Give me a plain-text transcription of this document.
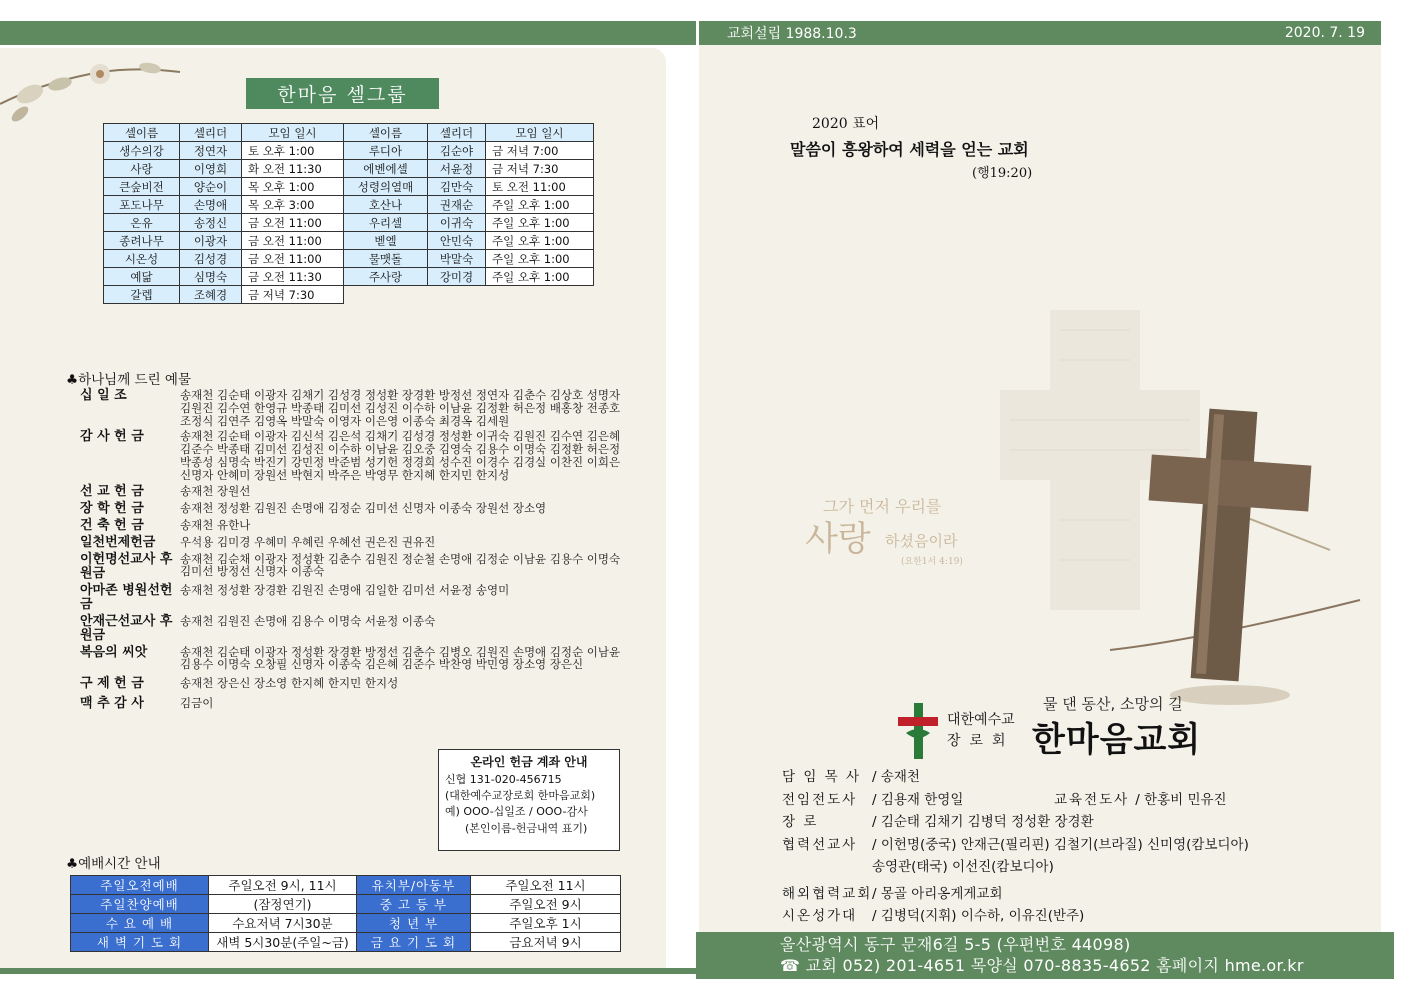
한마음 셀그룹
셀이름	셀리더	모임 일시	셀이름	셀리더	모임 일시
생수의강	정연자	토 오후 1:00	루디아	김순야	금 저녁 7:00
사랑	이영희	화 오전 11:30	에벤에셀	서윤정	금 저녁 7:30
큰숲비전	양순이	목 오후 1:00	성령의열매	김만숙	토 오전 11:00
포도나무	손명애	목 오후 3:00	호산나	권재순	주일 오후 1:00
온유	송정신	금 오전 11:00	우리셀	이귀숙	주일 오후 1:00
종려나무	이광자	금 오전 11:00	벧엘	안민숙	주일 오후 1:00
시온성	김성경	금 오전 11:00	물맷돌	박말숙	주일 오후 1:00
예닮	심명숙	금 오전 11:30	주사랑	강미경	주일 오후 1:00
갈렙	조혜경	금 저녁 7:30			
♣하나님께 드린 예물
십 일 조	송재천 김순태 이광자 김채기 김성경 정성환 장경환 방정선 정연자 김춘수 김상호 성명자 김원진 김수연 한영규 박종태 김미선 김성진 이수하 이남윤 김정환 허은정 배홍창 전종호 조정식 김연주 김영옥 박말숙 이영자 이은영 이종숙 최경옥 김세원
감 사 헌 금	송재천 김순태 이광자 김신석 김은석 김채기 김성경 정성환 이귀숙 김원진 김수연 김은혜 김준수 박종태 김미선 김성진 이수하 이남윤 김오중 김영숙 김용수 이명숙 김정환 허은정 박종성 심명숙 박진기 강민정 박준범 성기헌 정경희 성수진 이경수 김경실 이찬진 이희은 신명자 안혜미 장원선 박현지 박주은 박영무 한지혜 한지민 한지성
선 교 헌 금	송재천 장원선
장 학 헌 금	송재천 정성환 김원진 손명애 김정순 김미선 신명자 이종숙 장원선 장소영
건 축 헌 금	송재천 유한나
일천번제헌금	우석용 김미경 우혜미 우혜린 우혜선 권은진 권유진
이헌명선교사 후원금
송재천 김순채 이광자 정성환 김춘수 김원진 정순철 손명애 김정순 이남윤 김용수 이명숙 김미선 방정선 신명자 이종숙
아마존 병원선헌금
송재천 정성환 장경환 김원진 손명애 김일한 김미선 서윤정 송영미
안재근선교사 후원금
송재천 김원진 손명애 김용수 이명숙 서윤정 이종숙
복음의 씨앗	송재천 김순태 이광자 정성환 장경환 방정선 김춘수 김병오 김원진 손명애 김정순 이남윤 김용수 이명숙 오창필 신명자 이종숙 김은혜 김준수 박찬영 박민영 장소영 장은신
구 제 헌 금	송재천 장은신 장소영 한지혜 한지민 한지성
맥 추 감 사	김금이
온라인 헌금 계좌 안내
신협 131-020-456715
(대한예수교장로회 한마음교회)
예) OOO-십일조 / OOO-감사
(본인이름-헌금내역 표기)
♣예배시간 안내
주일오전예배	주일오전 9시, 11시	유치부/아동부	주일오전 11시
주일찬양예배	(잠정연기)	중 고 등 부	주일오전 9시
수 요 예 배	수요저녁 7시30분	청 년 부	주일오후 1시
새 벽 기 도 회	새벽 5시30분(주일~금)	금 요 기 도 회	금요저녁 9시
교회설립 1988.10.3	2020. 7. 19
2020 표어
말씀이 흥왕하여 세력을 얻는 교회
(행19:20)
그가 먼저 우리를
사랑 하셨음이라
(요한1서 4:19)
물 댄 동산, 소망의 길
대한예수교
장로회 한마음교회
담 임 목 사 / 송재천
전임전도사	/ 김용재 한영일	교육전도사 / 한홍비 민유진
장 로	/ 김순태 김채기 김병덕 정성환 장경환
협력선교사	/ 이헌명(중국) 안재근(필리핀) 김철기(브라질) 신미영(캄보디아)
송영관(태국) 이선진(캄보디아)
해외협력교회 / 몽골 아리옹게게교회
시온성가대	/ 김병덕(지휘) 이수하, 이유진(반주)
울산광역시 동구 문재6길 5-5 (우편번호 44098)
☎ 교회 052) 201-4651 목양실 070-8835-4652 홈페이지 hme.or.kr
